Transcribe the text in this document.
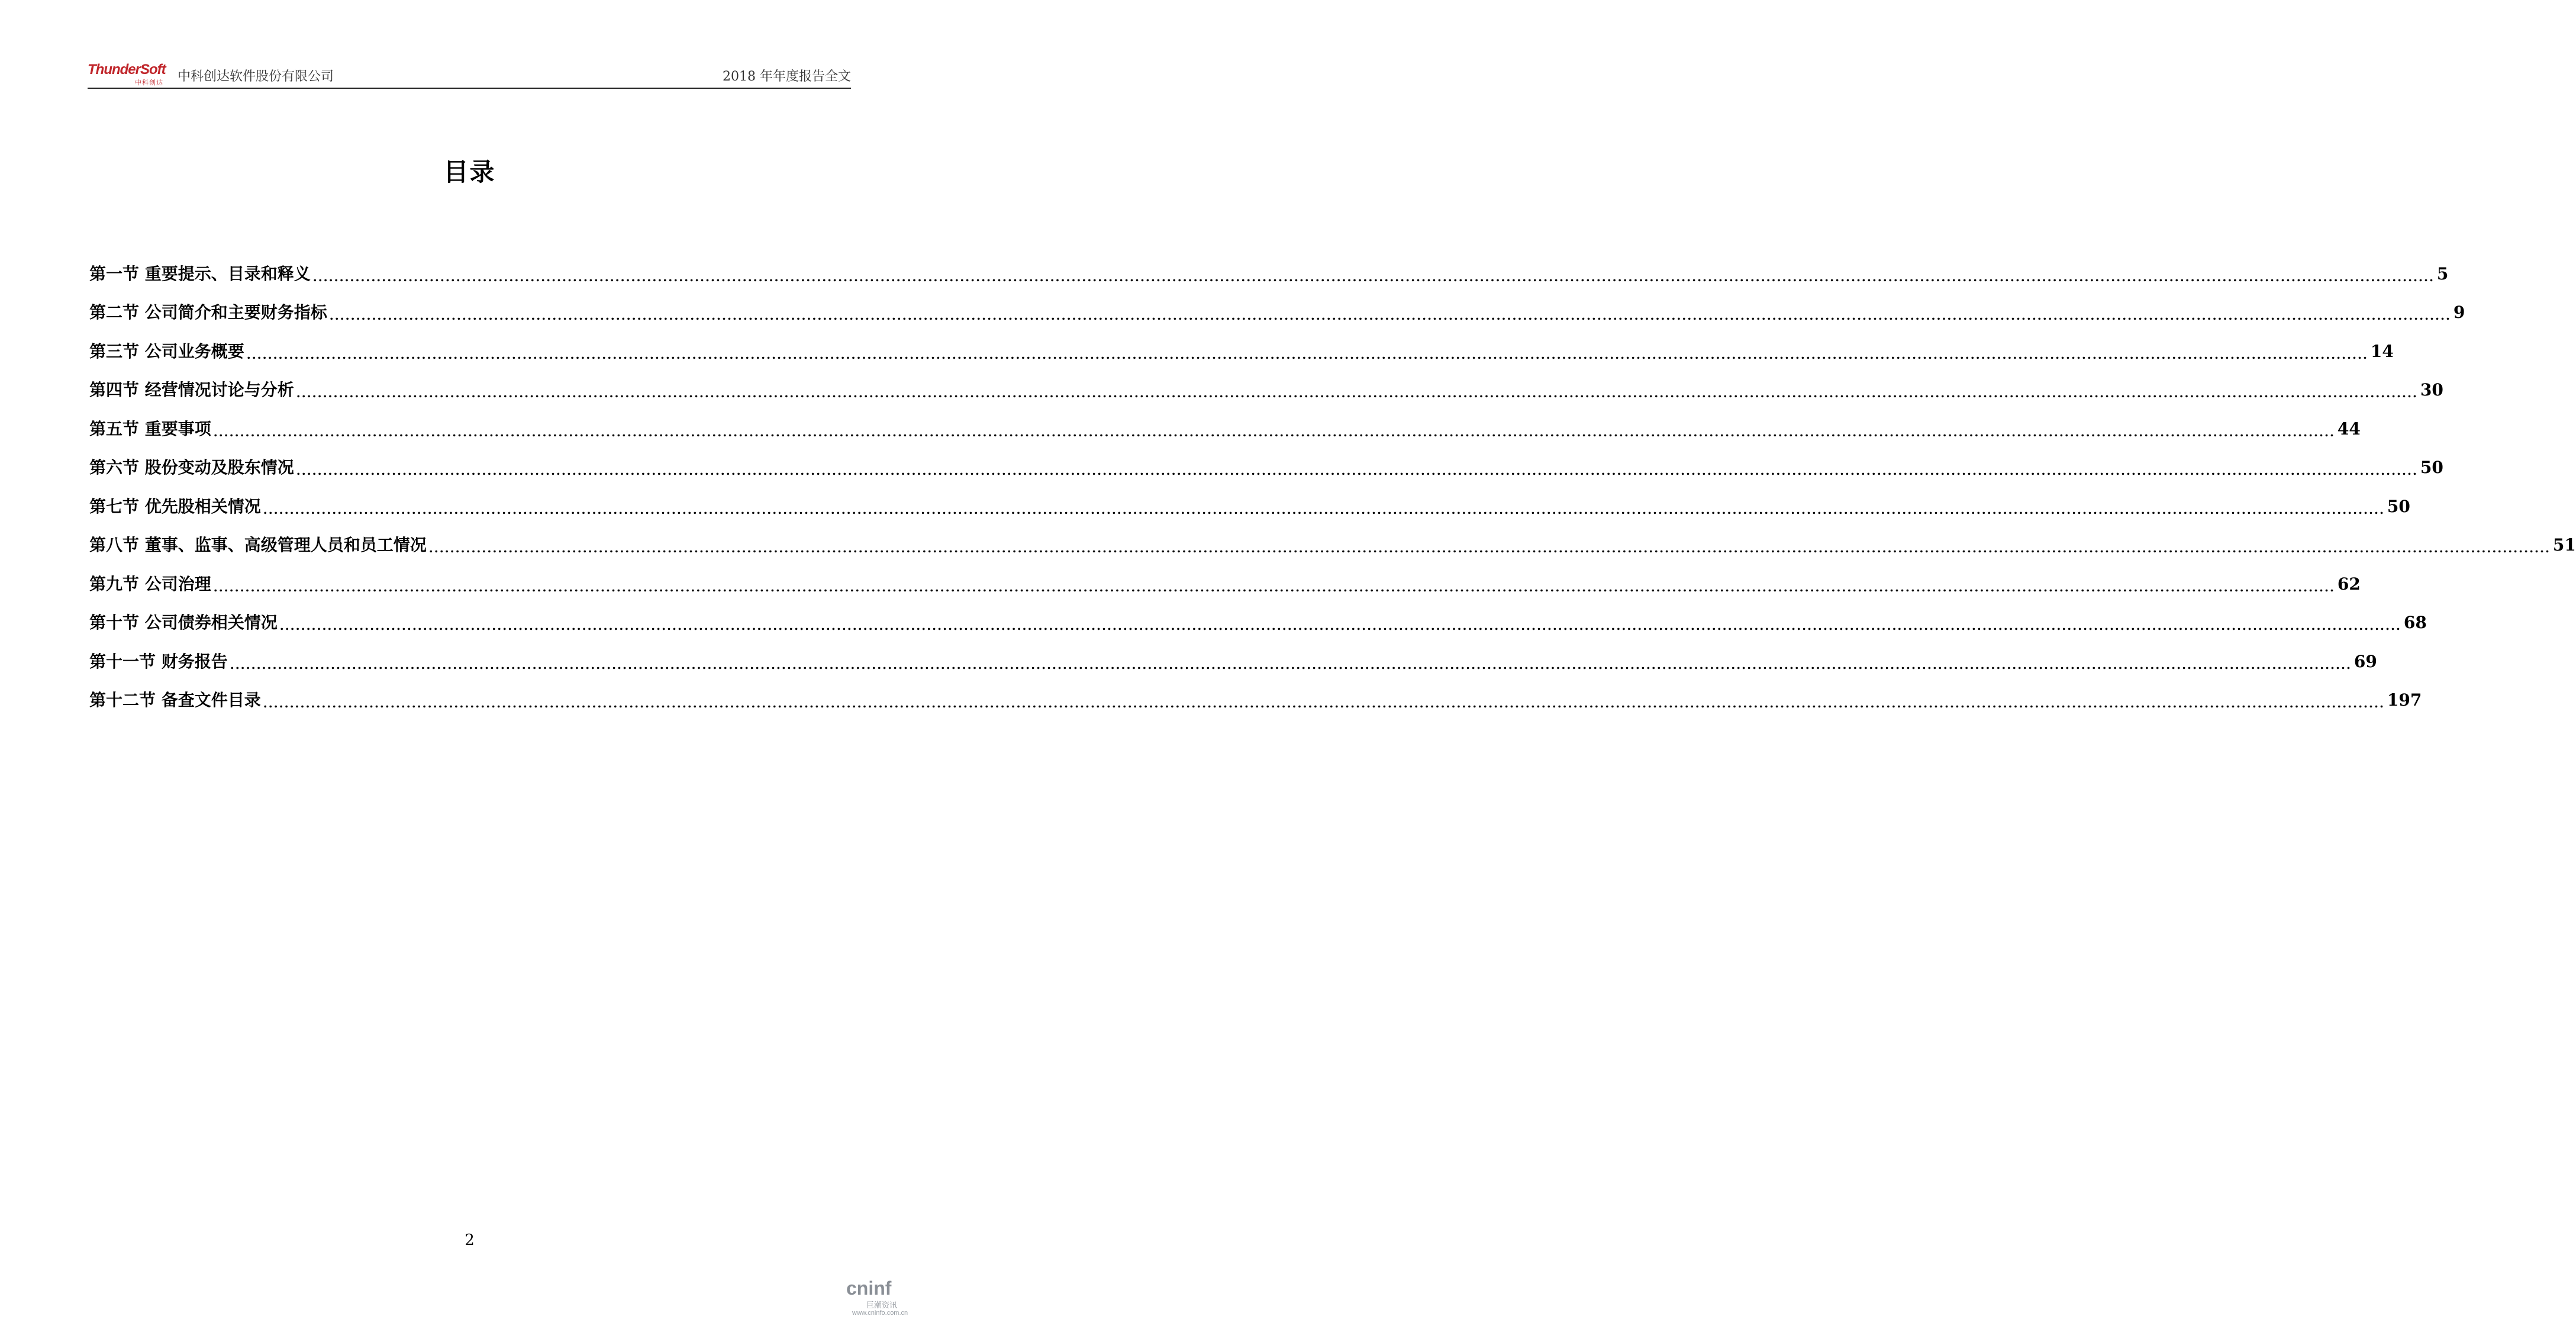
ThunderSoft
中科创达 中科创达软件股份有限公司	2018 年年度报告全文
目录
第一节 重要提示、目录和释义 ................................................................................................................................................................................................................................................................................................................................................................................................................ 5
第二节 公司简介和主要财务指标 ................................................................................................................................................................................................................................................................................................................................................................................................................ 9
第三节 公司业务概要 ................................................................................................................................................................................................................................................................................................................................................................................................................ 14
第四节 经营情况讨论与分析 ................................................................................................................................................................................................................................................................................................................................................................................................................ 30
第五节 重要事项 ................................................................................................................................................................................................................................................................................................................................................................................................................ 44
第六节 股份变动及股东情况 ................................................................................................................................................................................................................................................................................................................................................................................................................ 50
第七节 优先股相关情况 ................................................................................................................................................................................................................................................................................................................................................................................................................ 50
第八节 董事、监事、高级管理人员和员工情况 ................................................................................................................................................................................................................................................................................................................................................................................................................ 51
第九节 公司治理 ................................................................................................................................................................................................................................................................................................................................................................................................................ 62
第十节 公司债券相关情况 ................................................................................................................................................................................................................................................................................................................................................................................................................ 68
第十一节 财务报告 ................................................................................................................................................................................................................................................................................................................................................................................................................ 69
第十二节 备查文件目录 ................................................................................................................................................................................................................................................................................................................................................................................................................ 197
2
cninf
巨潮资讯
www.cninfo.com.cn
